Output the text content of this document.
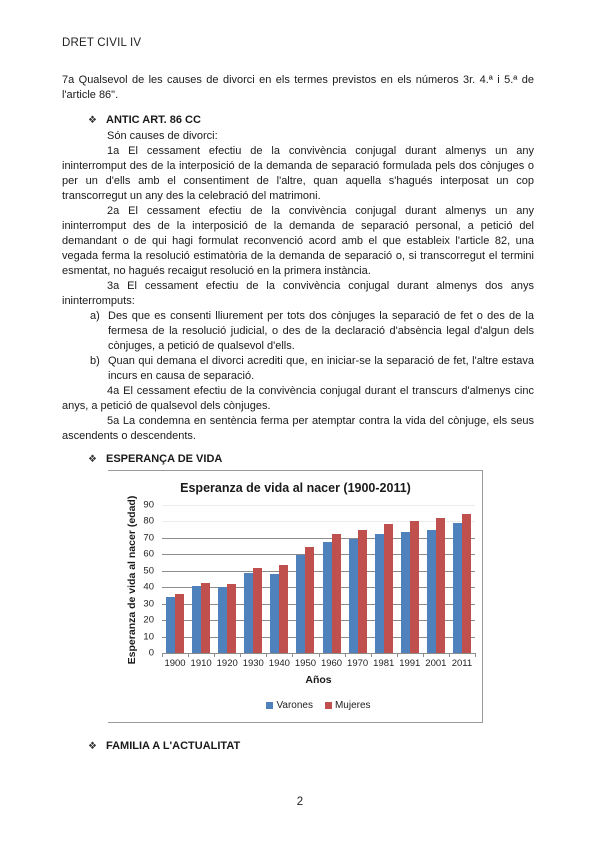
DRET CIVIL IV

7a Qualsevol de les causes de divorci en els termes previstos en els números 3r. 4.ª i 5.ª de l'article 86".

❖ ANTIC ART. 86 CC
Són causes de divorci:

1a El cessament efectiu de la convivència conjugal durant almenys un any ininterromput des de la interposició de la demanda de separació formulada pels dos cònjuges o per un d'ells amb el consentiment de l'altre, quan aquella s'hagués interposat un cop transcorregut un any des la celebració del matrimoni.

2a El cessament efectiu de la convivència conjugal durant almenys un any ininterromput des de la interposició de la demanda de separació personal, a petició del demandant o de qui hagi formulat reconvenció acord amb el que estableix l'article 82, una vegada ferma la resolució estimatòria de la demanda de separació o, si transcorregut el termini esmentat, no hagués recaigut resolució en la primera instància.

3a El cessament efectiu de la convivència conjugal durant almenys dos anys ininterromputs:

a) Des que es consenti lliurement per tots dos cònjuges la separació de fet o des de la fermesa de la resolució judicial, o des de la declaració d'absència legal d'algun dels cònjuges, a petició de qualsevol d'ells.
b) Quan qui demana el divorci acrediti que, en iniciar-se la separació de fet, l'altre estava incurs en causa de separació.

4a El cessament efectiu de la convivència conjugal durant el transcurs d'almenys cinc anys, a petició de qualsevol dels cònjuges.

5a La condemna en sentència ferma per atemptar contra la vida del cònjuge, els seus ascendents o descendents.

❖ ESPERANÇA DE VIDA
Esperanza de vida al nacer (1900-2011)
Esperanza de vida al nacer (edad)	0
10
20
30
40
50
60
70
80
90
1900 1910 1920 1930 1940 1950 1960 1970 1981 1991 2001 2011
Años
Varones Mujeres
❖ FAMILIA A L'ACTUALITAT
2
